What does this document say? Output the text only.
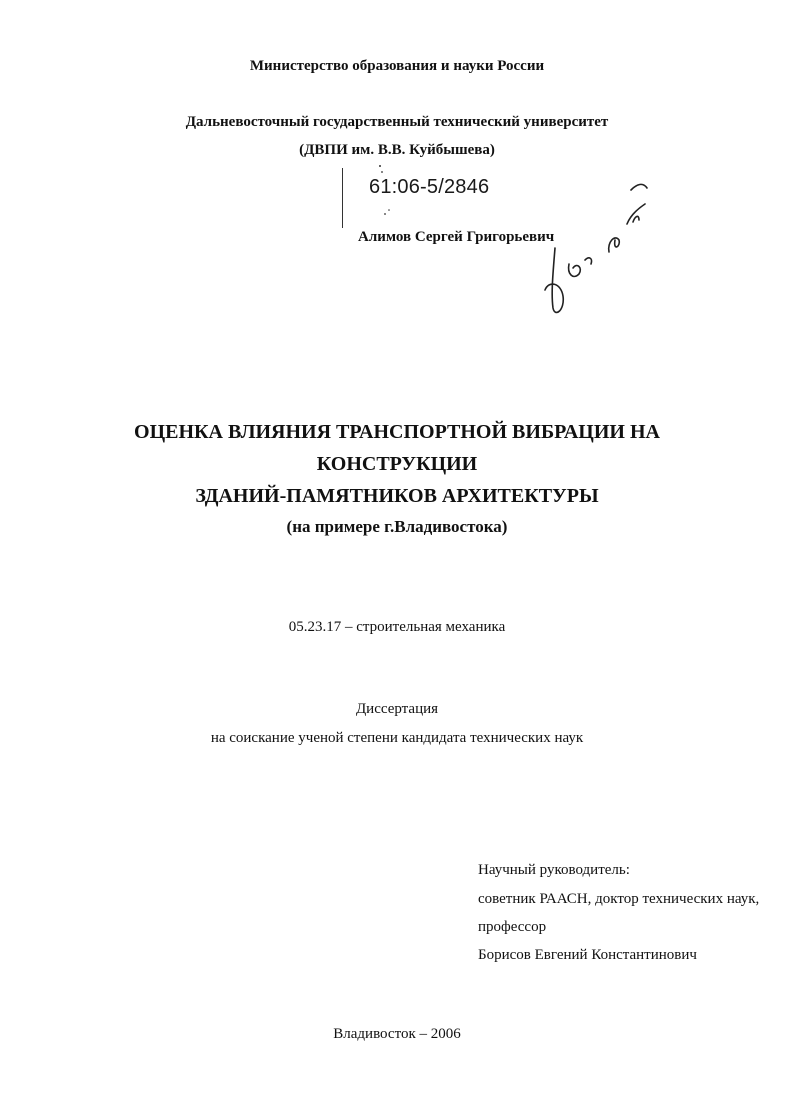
Министерство образования и науки России
Дальневосточный государственный технический университет
(ДВПИ им. В.В. Куйбышева)
61:06-5/2846
Алимов Сергей Григорьевич
ОЦЕНКА ВЛИЯНИЯ ТРАНСПОРТНОЙ ВИБРАЦИИ НА
КОНСТРУКЦИИ
ЗДАНИЙ-ПАМЯТНИКОВ АРХИТЕКТУРЫ
(на примере г.Владивостока)
05.23.17 – строительная механика
Диссертация
на соискание ученой степени кандидата технических наук
Научный руководитель:
советник РААСН, доктор технических наук,
профессор
Борисов Евгений Константинович
Владивосток – 2006
